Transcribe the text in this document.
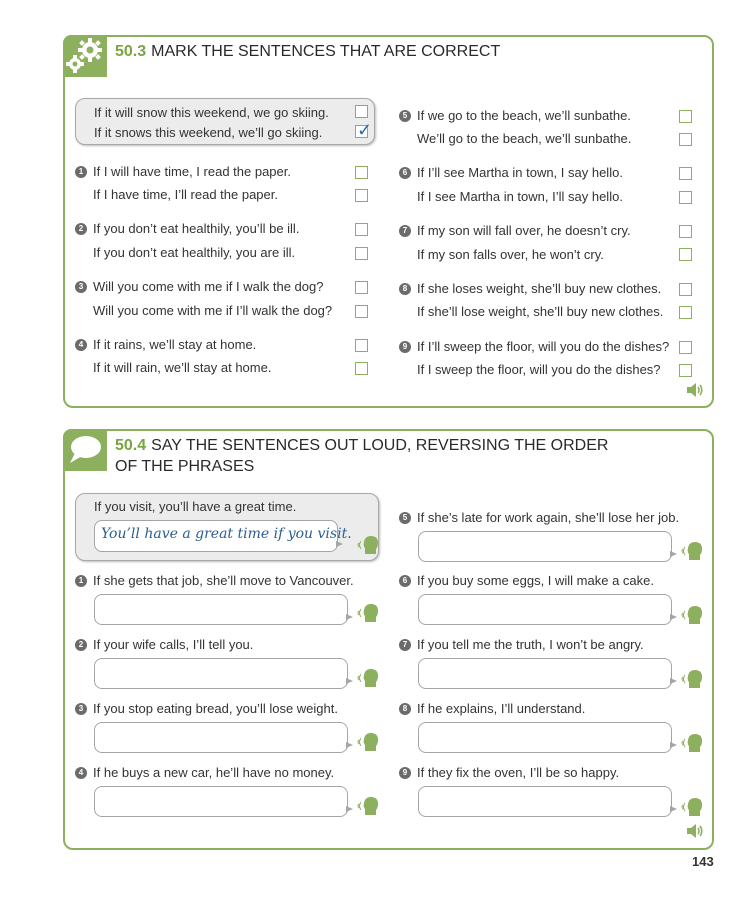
50.3 MARK THE SENTENCES THAT ARE CORRECT
If it will snow this weekend, we go skiing.
If it snows this weekend, we’ll go skiing. ✓
1 If I will have time, I read the paper.
If I have time, I’ll read the paper.
2 If you don’t eat healthily, you’ll be ill.
If you don’t eat healthily, you are ill.
3 Will you come with me if I walk the dog?
Will you come with me if I’ll walk the dog?
4 If it rains, we’ll stay at home.
If it will rain, we’ll stay at home.
5 If we go to the beach, we’ll sunbathe.
We’ll go to the beach, we’ll sunbathe.
6 If I’ll see Martha in town, I say hello.
If I see Martha in town, I’ll say hello.
7 If my son will fall over, he doesn’t cry.
If my son falls over, he won’t cry.
8 If she loses weight, she’ll buy new clothes.
If she’ll lose weight, she’ll buy new clothes.
9 If I’ll sweep the floor, will you do the dishes?
If I sweep the floor, will you do the dishes?
50.4 SAY THE SENTENCES OUT LOUD, REVERSING THE ORDER OF THE PHRASES
If you visit, you’ll have a great time.
You’ll have a great time if you visit.
1 If she gets that job, she’ll move to Vancouver.
2 If your wife calls, I’ll tell you.
3 If you stop eating bread, you’ll lose weight.
4 If he buys a new car, he’ll have no money.
5 If she’s late for work again, she’ll lose her job.
6 If you buy some eggs, I will make a cake.
7 If you tell me the truth, I won’t be angry.
8 If he explains, I’ll understand.
9 If they fix the oven, I’ll be so happy.
143
